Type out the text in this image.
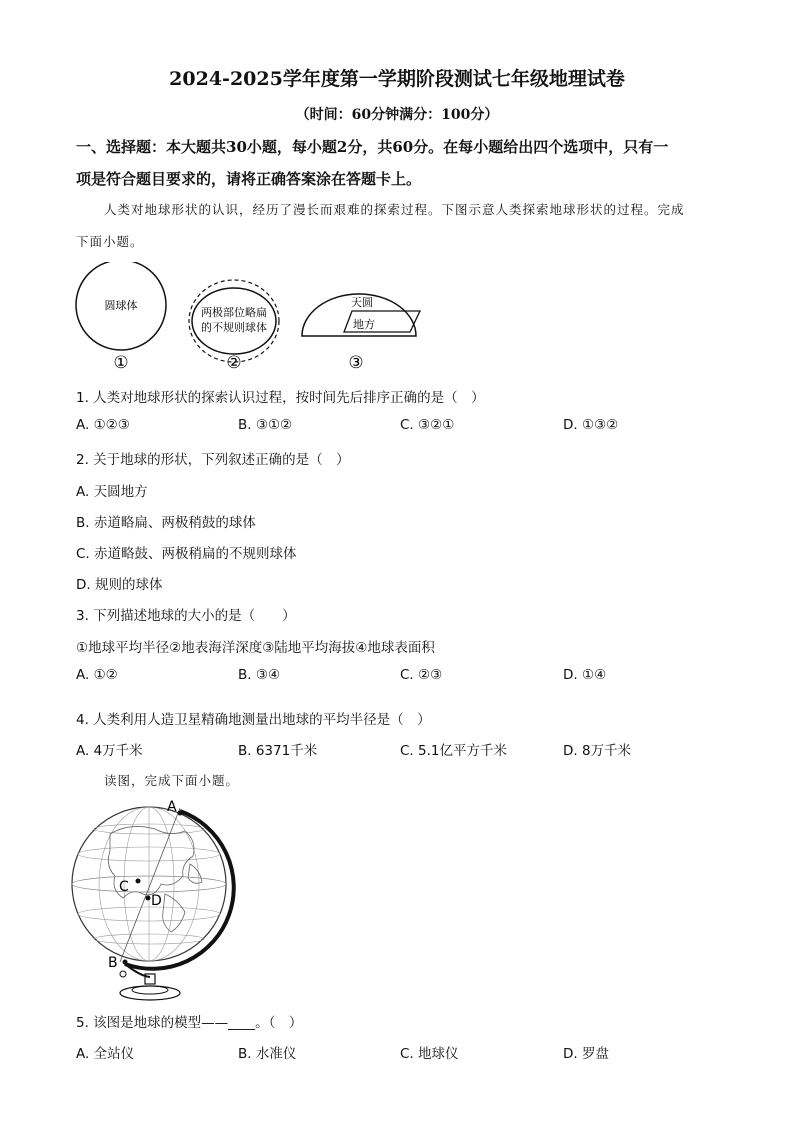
2024-2025学年度第一学期阶段测试七年级地理试卷
（时间：60分钟满分：100分）
一、选择题：本大题共30小题，每小题2分，共60分。在每小题给出四个选项中，只有一
项是符合题目要求的，请将正确答案涂在答题卡上。
人类对地球形状的认识，经历了漫长而艰难的探索过程。下图示意人类探索地球形状的过程。完成
下面小题。
圆球体
两极部位略扁
的不规则球体
天圆
地方
①	②	③
1. 人类对地球形状的探索认识过程，按时间先后排序正确的是（　）
A. ①②③	B. ③①②	C. ③②①	D. ①③②
2. 关于地球的形状，下列叙述正确的是（　）
A. 天圆地方
B. 赤道略扁、两极稍鼓的球体
C. 赤道略鼓、两极稍扁的不规则球体
D. 规则的球体
3. 下列描述地球的大小的是（　　）
①地球平均半径②地表海洋深度③陆地平均海拔④地球表面积
A. ①②	B. ③④	C. ②③	D. ①④
4. 人类利用人造卫星精确地测量出地球的平均半径是（　）
A. 4万千米	B. 6371千米	C. 5.1亿平方千米	D. 8万千米
读图，完成下面小题。
A
B
C
D
5. 该图是地球的模型——____。（　）
A. 全站仪	B. 水准仪	C. 地球仪	D. 罗盘
